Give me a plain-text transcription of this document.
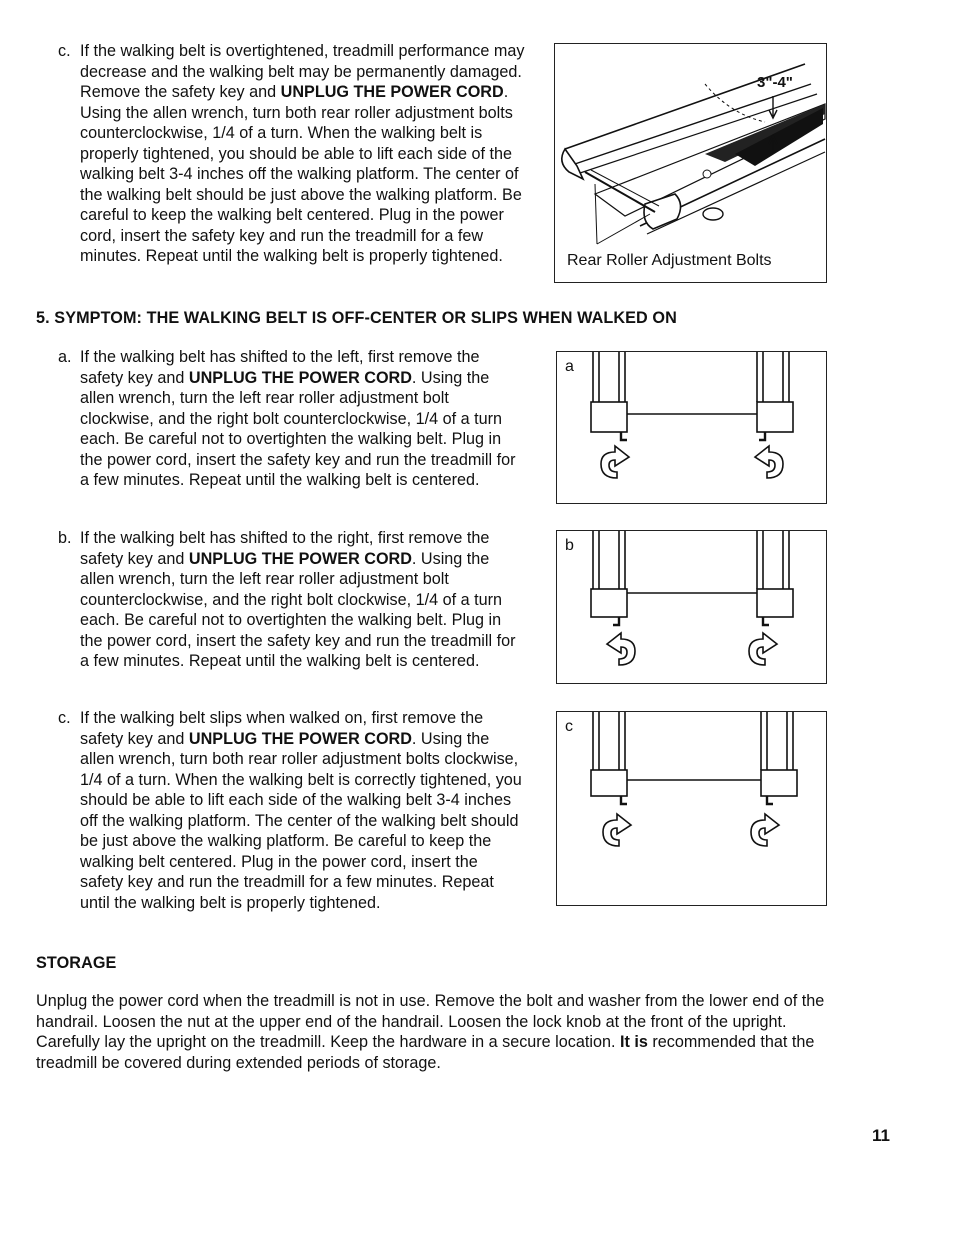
c. If the walking belt is overtightened, treadmill performance may decrease and the walking belt may be permanently damaged. Remove the safety key and UNPLUG THE POWER CORD. Using the allen wrench, turn both rear roller adjustment bolts counterclockwise, 1/4 of a turn. When the walking belt is properly tightened, you should be able to lift each side of the walking belt 3-4 inches off the walking platform. The center of the walking belt should be just above the walking platform. Be careful to keep the walking belt centered. Plug in the power cord, insert the safety key and run the treadmill for a few minutes. Repeat until the walking belt is properly tightened.

3"-4"
Rear Roller Adjustment Bolts
5. SYMPTOM: THE WALKING BELT IS OFF-CENTER OR SLIPS WHEN WALKED ON
a. If the walking belt has shifted to the left, first remove the safety key and UNPLUG THE POWER CORD. Using the allen wrench, turn the left rear roller adjustment bolt clockwise, and the right bolt counterclockwise, 1/4 of a turn each. Be careful not to overtighten the walking belt. Plug in the power cord, insert the safety key and run the treadmill for a few minutes. Repeat until the walking belt is centered.

a
b. If the walking belt has shifted to the right, first remove the safety key and UNPLUG THE POWER CORD. Using the allen wrench, turn the left rear roller adjustment bolt counterclockwise, and the right bolt clockwise, 1/4 of a turn each. Be careful not to overtighten the walking belt. Plug in the power cord, insert the safety key and run the treadmill for a few minutes. Repeat until the walking belt is centered.

b
c. If the walking belt slips when walked on, first remove the safety key and UNPLUG THE POWER CORD. Using the allen wrench, turn both rear roller adjustment bolts clockwise, 1/4 of a turn. When the walking belt is correctly tightened, you should be able to lift each side of the walking belt 3-4 inches off the walking platform. The center of the walking belt should be just above the walking platform. Be careful to keep the walking belt centered. Plug in the power cord, insert the safety key and run the treadmill for a few minutes. Repeat until the walking belt is properly tightened.

c
STORAGE
Unplug the power cord when the treadmill is not in use. Remove the bolt and washer from the lower end of the handrail. Loosen the nut at the upper end of the handrail. Loosen the lock knob at the front of the upright. Carefully lay the upright on the treadmill. Keep the hardware in a secure location. It is recommended that the treadmill be covered during extended periods of storage.
11
